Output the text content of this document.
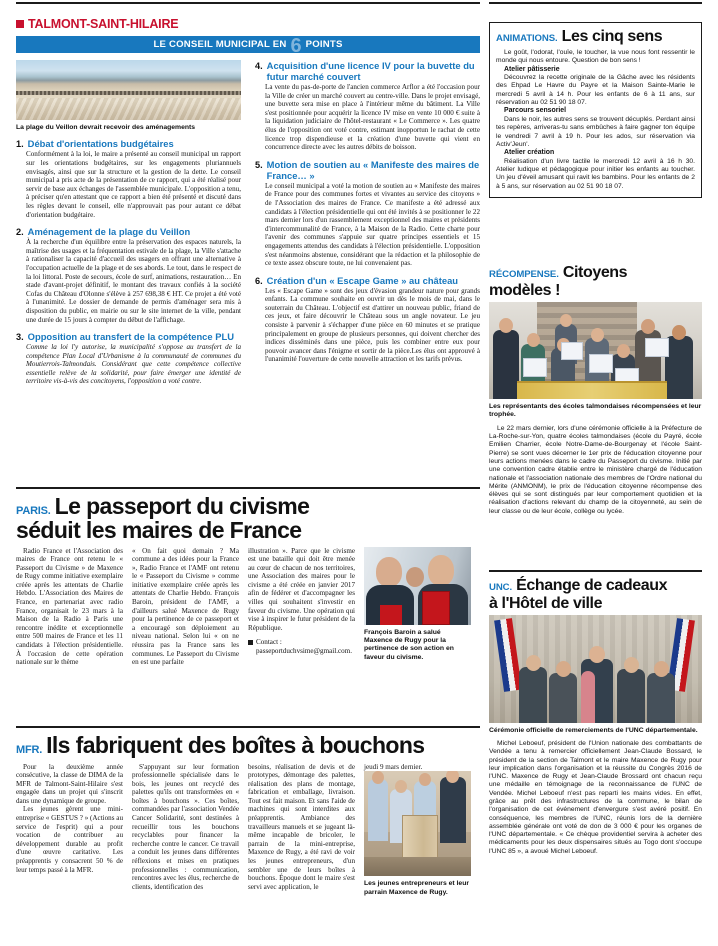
TALMONT-SAINT-HILAIRE
LE CONSEIL MUNICIPAL EN 6 POINTS
La plage du Veillon devrait recevoir des aménagements
1. Débat d'orientations budgétaires

Conformément à la loi, le maire a présenté au conseil municipal un rapport sur les orientations budgétaires, sur les engagements pluriannuels envisagés, ainsi que sur la structure et la gestion de la dette. Le conseil municipal a pris acte de la présentation de ce rapport, qui a été réalisé pour servir de base aux échanges de l'assemblée municipale. L'opposition a tenu, à préciser qu'en attestant que ce rapport a bien été présenté et discuté dans les règles devant le conseil, elle n'approuvait pas pour autant ce débat d'orientation budgétaire.

2. Aménagement de la plage du Veillon

À la recherche d'un équilibre entre la préservation des espaces naturels, la maîtrise des usages et la fréquentation estivale de la plage, la Ville s'attache à rationaliser la capacité d'accueil des usagers en offrant une alternative à l'occupation actuelle de la plage et de ses abords. Le tout, dans le respect de la loi littoral. Poste de secours, école de surf, animations, restauration… En stade d'avant-projet définitif, le montant des travaux confiés à la société Cofas du Château d'Olonne s'élève à 257 698,38 € HT. Ce projet a été voté à l'unanimité. Le dossier de demande de permis d'aménager sera mis à disposition du public, en mairie ou sur le site internet de la ville, pendant une durée de 15 jours à compter du début de l'affichage.

3. Opposition au transfert de la compétence PLU

Comme la loi l'y autorise, la municipalité s'oppose au transfert de la compétence Plan Local d'Urbanisme à la communauté de communes du Moutierrois-Talmondais. Considérant que cette compétence collective essentielle relève de la solidarité, pour faire émerger une identité de territoire vis-à-vis des concitoyens, l'opposition a voté contre.

4. Acquisition d'une licence IV pour la buvette du futur marché couvert

La vente du pas-de-porte de l'ancien commerce Arflor a été l'occasion pour la Ville de créer un marché couvert au centre-ville. Dans le projet envisagé, une buvette sera mise en place à l'intérieur même du bâtiment. La Ville s'est positionnée pour acquérir la licence IV mise en vente 10 000 € suite à la liquidation judiciaire de l'hôtel-restaurant « Le Commerce ». Les quatre élus de l'opposition ont voté contre, estimant inopportun le rachat de cette licence trop dispendieuse et la création d'une buvette qui vient en concurrence directe avec les autres débits de boisson.

5. Motion de soutien au « Manifeste des maires de France… »

Le conseil municipal a voté la motion de soutien au « Manifeste des maires de France pour des communes fortes et vivantes au service des citoyens » de l'Association des maires de France. Ce manifeste a été adressé aux candidats à l'élection présidentielle qui ont été invités à se positionner le 22 mars dernier lors d'un rassemblement exceptionnel des maires et présidents d'intercommunalité de France, à la Maison de la Radio. Cette charte pour l'avenir des communes s'appuie sur quatre principes essentiels et 15 engagements attendus des candidats à l'élection présidentielle. L'opposition s'est néanmoins abstenue, considérant que la rédaction et la philosophie de ce texte assez obscure toute, ne lui convenaient pas.

6. Création d'un « Escape Game » au château

Les « Escape Game » sont des jeux d'évasion grandeur nature pour grands enfants. La commune souhaite en ouvrir un dès le mois de mai, dans le souterrain du Château. L'objectif est d'attirer un nouveau public, friand de ces jeux, et faire découvrir le Château sous un angle novateur. Le jeu consiste à parvenir à s'échapper d'une pièce en 60 minutes et se pratique principalement en groupe de plusieurs personnes, qui doivent chercher des indices disséminés dans une pièce, puis les combiner entre eux pour pouvoir avancer dans l'énigme et sortir de la pièce.Les élus ont approuvé à l'unanimité l'ouverture de cette nouvelle attraction et les tarifs prévus.

PARIS. Le passeport du civisme
séduit les maires de France

Radio France et l'Association des maires de France ont retenu le « Passeport du Civisme » de Maxence de Rugy comme initiative exemplaire créée après les attentats de Charlie Hebdo. L'Association des Maires de France, en partenariat avec radio France, organisait le 23 mars à la Maison de la Radio à Paris une rencontre inédite et exceptionnelle entre 500 maires de France et les 11 candidats à l'élection présidentielle. À l'occasion de cette opération nationale sur le thème

« On fait quoi demain ? Ma commune a des idées pour la France », Radio France et l'AMF ont retenu le « Passeport du Civisme » comme initiative exemplaire créée après les attentats de Charlie Hebdo. François Baroin, président de l'AMF, a d'ailleurs salué Maxence de Rugy pour la pertinence de ce passeport et a encouragé son déploiement au niveau national. Selon lui « on ne réussira pas la France sans les communes. Le Passeport du Civisme en est une parfaite

illustration ». Parce que le civisme est une bataille qui doit être menée au cœur de chacun de nos territoires, une Association des maires pour le civisme a été créée en janvier 2017 afin de fédérer et d'accompagner les villes qui souhaitent s'investir en faveur du civisme. Une opération qui vise à inspirer le futur président de la République.

Contact : passeportduchvsime@gmail.com.
François Baroin a salué Maxence de Rugy pour la pertinence de son action en faveur du civisme.
MFR. Ils fabriquent des boîtes à bouchons

Pour la deuxième année consécutive, la classe de DIMA de la MFR de Talmont-Saint-Hilaire s'est engagée dans un projet qui s'inscrit dans une dynamique de groupe.

Les jeunes gèrent une mini-entreprise « GESTUS ? » (Actions au service de l'esprit) qui a pour vocation de contribuer au développement durable au profit d'une œuvre caritative. Les préapprentis y consacrent 50 % de leur temps passé à la MFR.

S'appuyant sur leur formation professionnelle spécialisée dans le bois, les jeunes ont recyclé des palettes qu'ils ont transformées en « boîtes à bouchons ». Ces boîtes, commandées par l'association Vendée Cancer Solidarité, sont destinées à recueillir tous les bouchons recyclables pour financer la recherche contre le cancer. Ce travail a conduit les jeunes dans différentes réflexions et mises en pratiques professionnelles : communication, rencontres avec les élus, recherche de clients, identification des

besoins, réalisation de devis et de prototypes, démontage des palettes, réalisation des plans de montage, fabrication et emballage, livraison. Tout est fait maison. Et sans l'aide de machines qui sont interdites aux préapprentis. Ambiance des travailleurs manuels et se jugeant là-même incapable de bricoler, le parrain de la mini-entreprise, Maxence de Rugy, a été ravi de voir les jeunes entrepreneurs, d'un sembler une de leurs boîtes à bouchons. Époque dont le maire s'est servi avec application, le

jeudi 9 mars dernier.

Les jeunes entrepreneurs et leur parrain Maxence de Rugy.
ANIMATIONS. Les cinq sens

Le goût, l'odorat, l'ouïe, le toucher, la vue nous font ressentir le monde qui nous entoure. Question de bon sens !

Atelier pâtisserie

Découvrez la recette originale de la Gâche avec les résidents des Ehpad Le Havre du Payre et la Maison Sainte-Marie le mercredi 5 avril à 14 h. Pour les enfants de 6 à 11 ans, sur réservation au 02 51 90 18 07.

Parcours sensoriel

Dans le noir, les autres sens se trouvent décuplés. Perdant ainsi tes repères, arriveras-tu sans embûches à faire gagner ton équipe le vendredi 7 avril à 19 h. Pour les ados, sur réservation via Activ'Jeun'.

Atelier création

Réalisation d'un livre tactile le mercredi 12 avril à 16 h 30. Atelier ludique et pédagogique pour initier les enfants au toucher. Un jeu d'éveil amusant qui ravit les bambins. Pour les enfants de 2 à 5 ans, sur réservation au 02 51 90 18 07.

RÉCOMPENSE. Citoyens
modèles !
Les représentants des écoles talmondaises récompensées et leur trophée.

Le 22 mars dernier, lors d'une cérémonie officielle à la Préfecture de La-Roche-sur-Yon, quatre écoles talmondaises (école du Payré, école Emilien Charrier, école Notre-Dame-de-Bourgenay et l'école Saint-Pierre) se sont vues décerner le 1er prix de l'éducation citoyenne pour leurs actions menées dans le cadre du Passeport du civisme. Initié par une convention cadre établie entre le ministère chargé de l'éducation nationale et l'association nationale des membres de l'Ordre national du Mérite (ANMONM), le prix de l'éducation citoyenne récompense des élèves qui se sont distingués par leur comportement quotidien et la réalisation d'actions relevant du champ de la citoyenneté, au sein de leur classe ou de leur école, collège ou lycée.

UNC. Échange de cadeaux
à l'Hôtel de ville
Cérémonie officielle de remerciements de l'UNC départementale.

Michel Leboeuf, président de l'Union nationale des combattants de Vendée a tenu à remercier officiellement Jean-Claude Bossard, le président de la section de Talmont et le maire Maxence de Rugy pour leur implication dans l'organisation et la réussite du Congrès 2016 de l'UNC. Maxence de Rugy et Jean-Claude Brossard ont chacun reçu une médaille en témoignage de la reconnaissance de l'UNC de Vendée. Michel Leboeuf n'est pas reparti les mains vides. En effet, grâce au prêt des infrastructures de la commune, le bilan de l'organisation de cet événement d'envergure s'est avéré positif. En conséquence, les membres de l'UNC, réunis lors de la dernière assemblée générale ont voté de don de 3 000 € pour les organes de l'UNC départementale. « Ce chèque providentiel servira à acheter des médicaments pour les deux dispensaires situés au Togo dont s'occupe l'UNC 85 », a avoué Michel Leboeuf.
